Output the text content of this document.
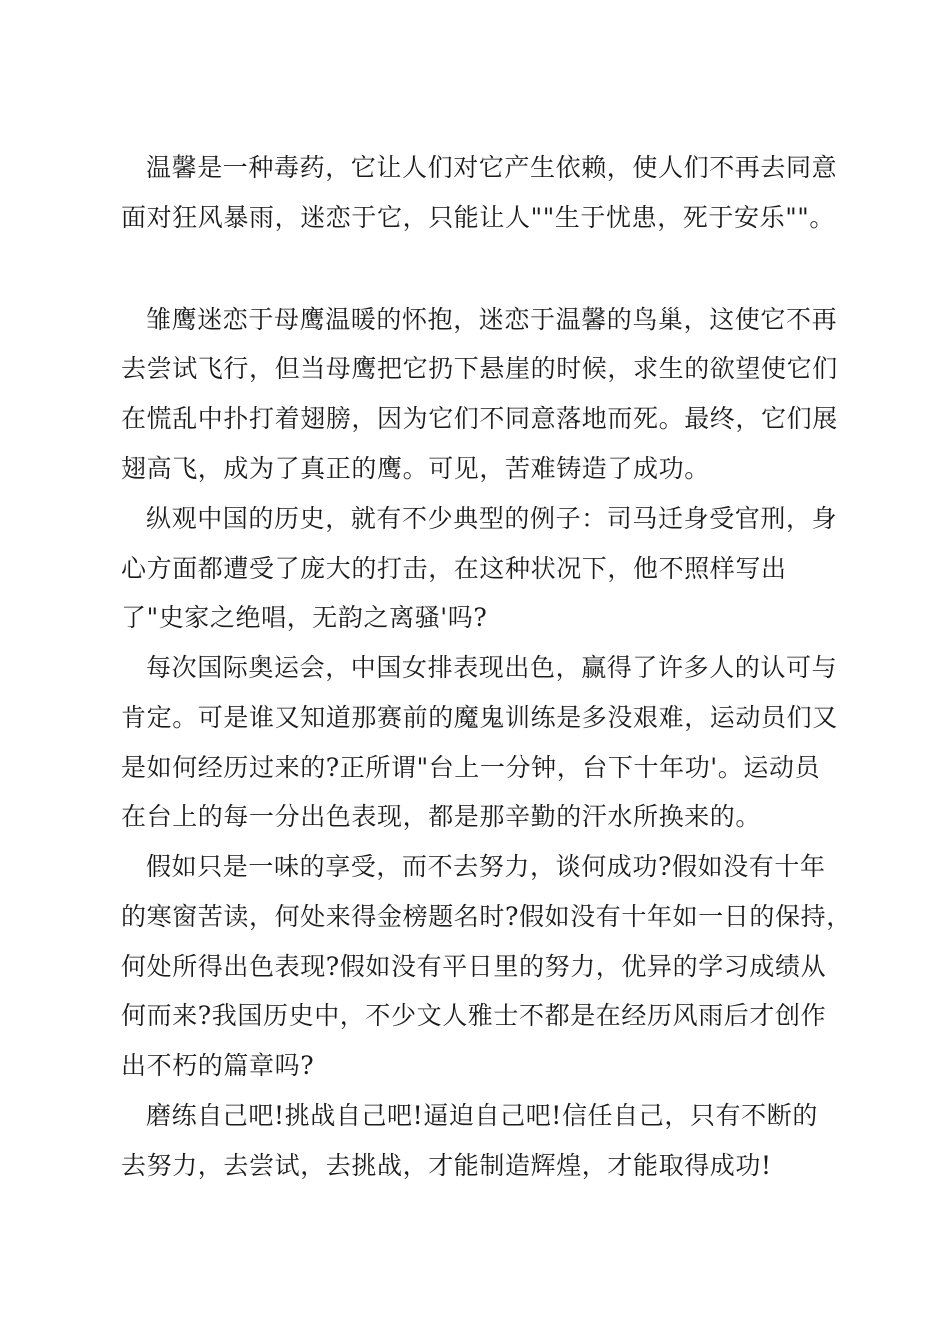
温馨是一种毒药，它让人们对它产生依赖，使人们不再去同意
面对狂风暴雨，迷恋于它，只能让人""生于忧患，死于安乐""。
雏鹰迷恋于母鹰温暖的怀抱，迷恋于温馨的鸟巢，这使它不再
去尝试飞行，但当母鹰把它扔下悬崖的时候，求生的欲望使它们
在慌乱中扑打着翅膀，因为它们不同意落地而死。最终，它们展
翅高飞，成为了真正的鹰。可见，苦难铸造了成功。
纵观中国的历史，就有不少典型的例子：司马迁身受官刑，身
心方面都遭受了庞大的打击，在这种状况下，他不照样写出
了"史家之绝唱，无韵之离骚'吗?
每次国际奥运会，中国女排表现出色，赢得了许多人的认可与
肯定。可是谁又知道那赛前的魔鬼训练是多没艰难，运动员们又
是如何经历过来的?正所谓"台上一分钟，台下十年功'。运动员
在台上的每一分出色表现，都是那辛勤的汗水所换来的。
假如只是一味的享受，而不去努力，谈何成功?假如没有十年
的寒窗苦读，何处来得金榜题名时?假如没有十年如一日的保持，
何处所得出色表现?假如没有平日里的努力，优异的学习成绩从
何而来?我国历史中，不少文人雅士不都是在经历风雨后才创作
出不朽的篇章吗?
磨练自己吧!挑战自己吧!逼迫自己吧!信任自己，只有不断的
去努力，去尝试，去挑战，才能制造辉煌，才能取得成功!
